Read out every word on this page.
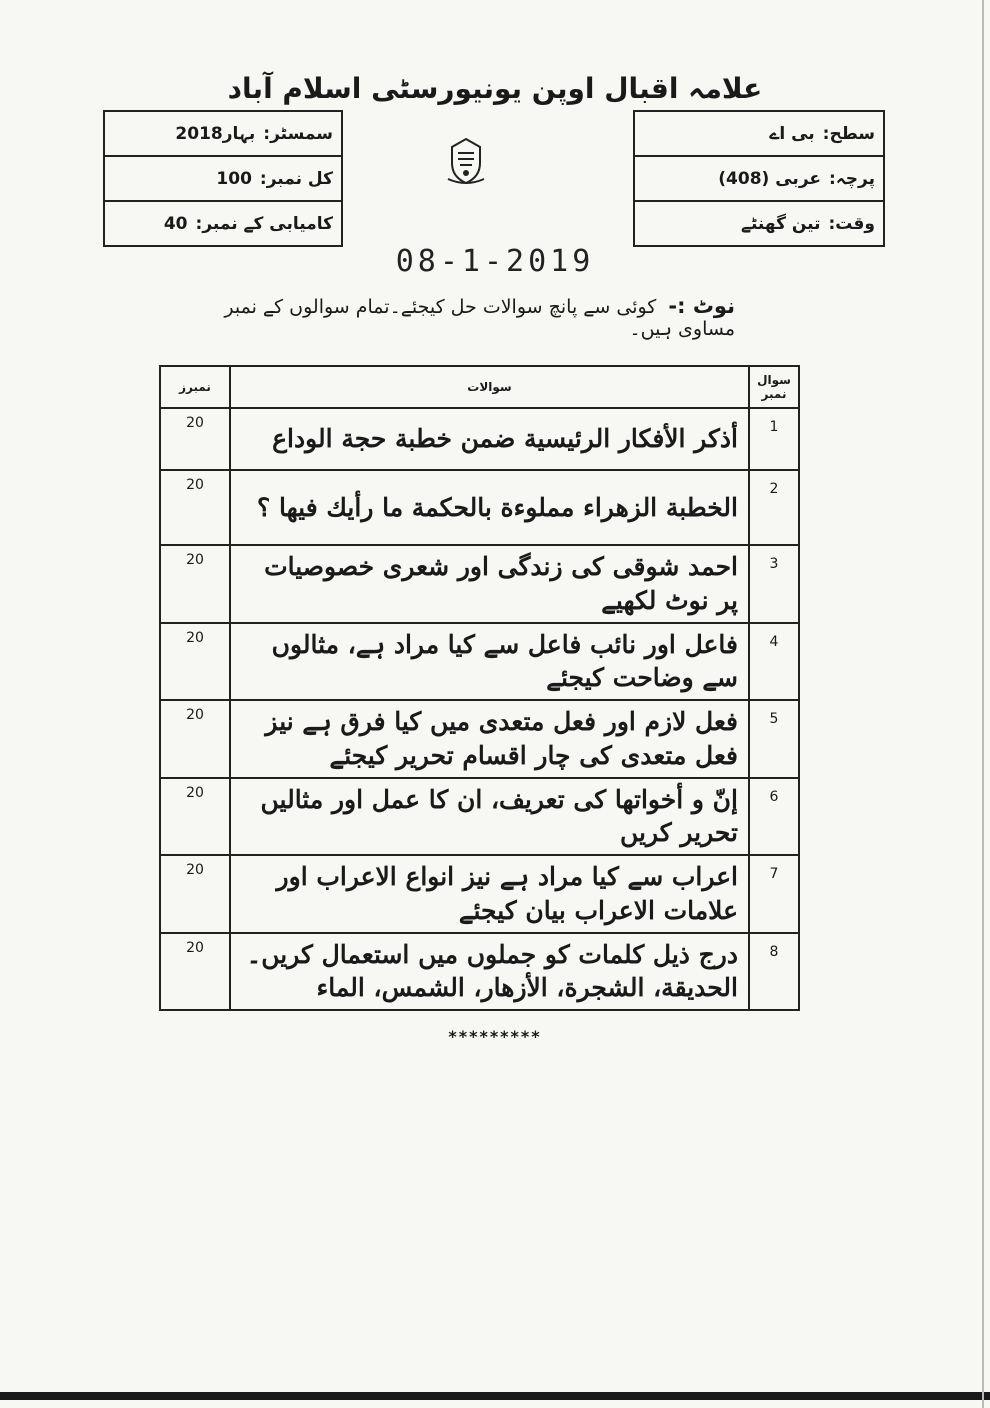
علامہ اقبال اوپن یونیورسٹی اسلام آباد
سمسٹر:
بہار2018
کل نمبر:
100
کامیابی کے نمبر:
40
سطح:
بی اے
پرچہ:
عربی (408)
وقت:
تین گھنٹے
08-1-2019
نوٹ :- کوئی سے پانچ سوالات حل کیجئے۔تمام سوالوں کے نمبر مساوی ہیں۔
سوال نمبر	سوالات	نمبرز
1	أذكر الأفكار الرئيسية ضمن خطبة حجة الوداع	20
2	الخطبة الزهراء مملوءة بالحكمة ما رأيك فيها ؟	20
3	احمد شوقی کی زندگی اور شعری خصوصیات پر نوٹ لکھیے	20
4	فاعل اور نائب فاعل سے کیا مراد ہے، مثالوں سے وضاحت کیجئے	20
5	فعل لازم اور فعل متعدی میں کیا فرق ہے نیز فعل متعدی کی چار اقسام تحریر کیجئے	20
6	إنّ و أخواتها کی تعریف، ان کا عمل اور مثالیں تحریر کریں	20
7	اعراب سے کیا مراد ہے نیز انواع الاعراب اور علامات الاعراب بیان کیجئے	20
8	درج ذیل کلمات کو جملوں میں استعمال کریں۔ الحديقة، الشجرة، الأزهار، الشمس، الماء	20
*********
